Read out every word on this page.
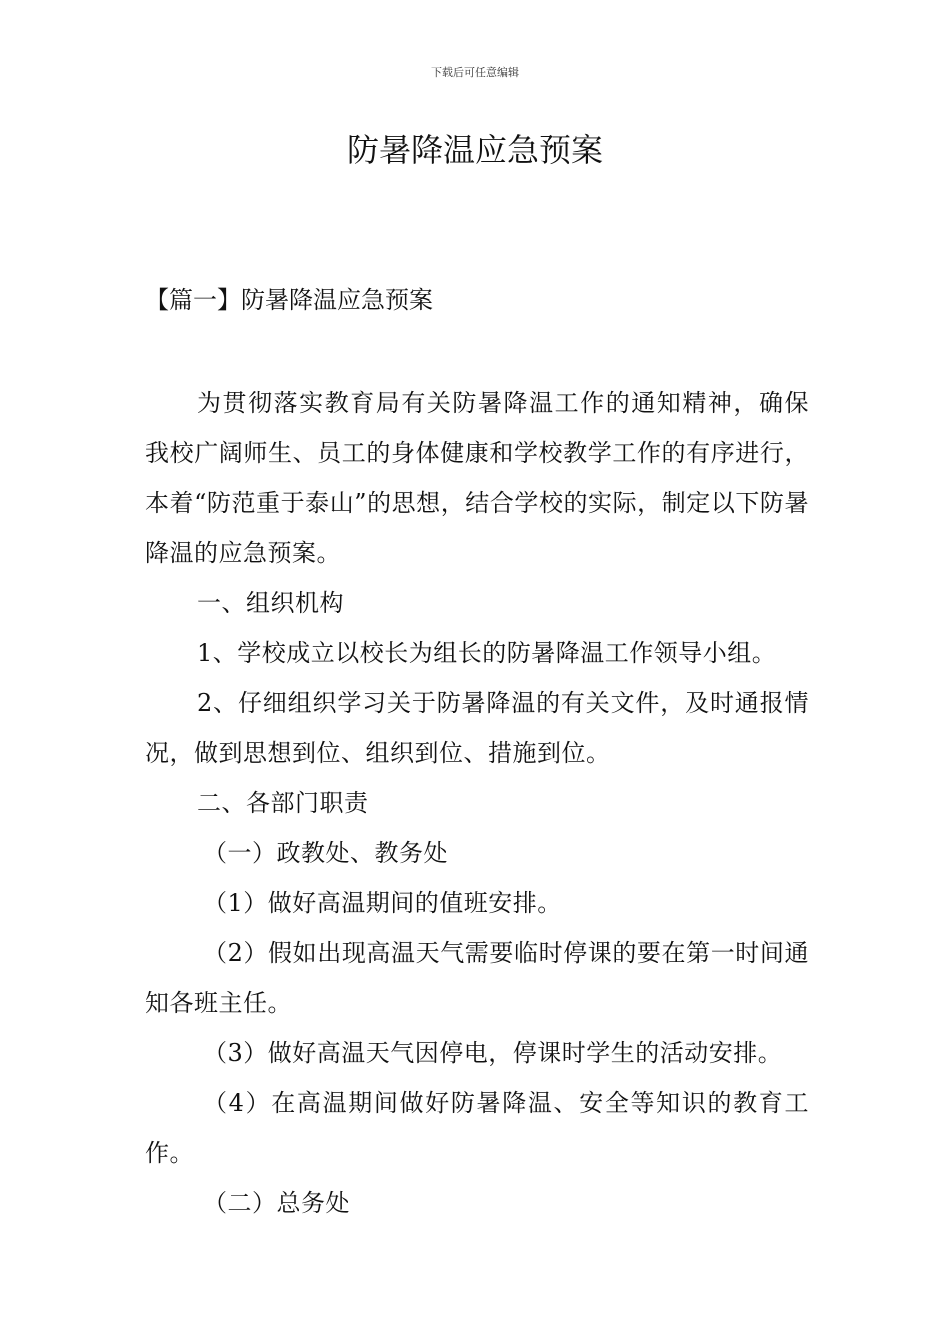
下载后可任意编辑
防暑降温应急预案
【篇一】防暑降温应急预案

为贯彻落实教育局有关防暑降温工作的通知精神，确保我校广阔师生、员工的身体健康和学校教学工作的有序进行，本着“防范重于泰山”的思想，结合学校的实际，制定以下防暑降温的应急预案。

一、组织机构

1、学校成立以校长为组长的防暑降温工作领导小组。

2、仔细组织学习关于防暑降温的有关文件，及时通报情况，做到思想到位、组织到位、措施到位。

二、各部门职责

（一）政教处、教务处

（1）做好高温期间的值班安排。

（2）假如出现高温天气需要临时停课的要在第一时间通知各班主任。

（3）做好高温天气因停电，停课时学生的活动安排。

（4）在高温期间做好防暑降温、安全等知识的教育工作。

（二）总务处
